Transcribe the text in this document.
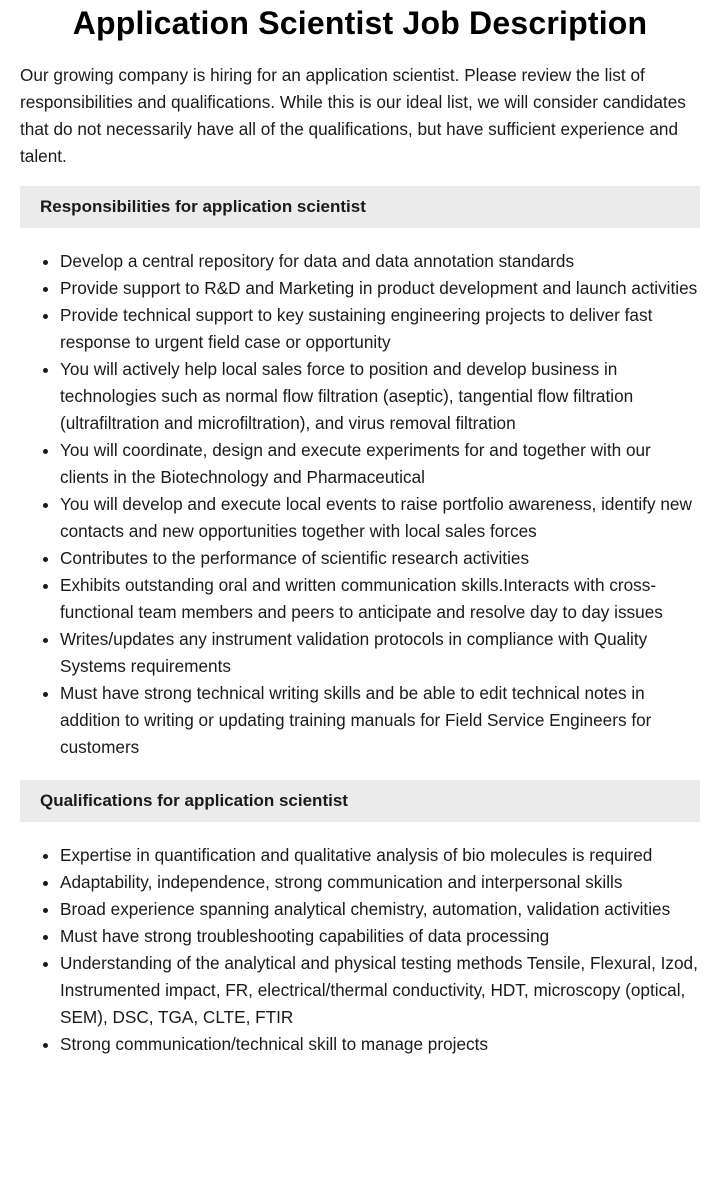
Application Scientist Job Description

Our growing company is hiring for an application scientist. Please review the list of responsibilities and qualifications. While this is our ideal list, we will consider candidates that do not necessarily have all of the qualifications, but have sufficient experience and talent.

Responsibilities for application scientist
• Develop a central repository for data and data annotation standards
• Provide support to R&D and Marketing in product development and launch activities
• Provide technical support to key sustaining engineering projects to deliver fast response to urgent field case or opportunity
• You will actively help local sales force to position and develop business in technologies such as normal flow filtration (aseptic), tangential flow filtration (ultrafiltration and microfiltration), and virus removal filtration
• You will coordinate, design and execute experiments for and together with our clients in the Biotechnology and Pharmaceutical
• You will develop and execute local events to raise portfolio awareness, identify new contacts and new opportunities together with local sales forces
• Contributes to the performance of scientific research activities
• Exhibits outstanding oral and written communication skills.Interacts with cross-functional team members and peers to anticipate and resolve day to day issues
• Writes/updates any instrument validation protocols in compliance with Quality Systems requirements
• Must have strong technical writing skills and be able to edit technical notes in addition to writing or updating training manuals for Field Service Engineers for customers
Qualifications for application scientist
• Expertise in quantification and qualitative analysis of bio molecules is required
• Adaptability, independence, strong communication and interpersonal skills
• Broad experience spanning analytical chemistry, automation, validation activities
• Must have strong troubleshooting capabilities of data processing
• Understanding of the analytical and physical testing methods Tensile, Flexural, Izod, Instrumented impact, FR, electrical/thermal conductivity, HDT, microscopy (optical, SEM), DSC, TGA, CLTE, FTIR
• Strong communication/technical skill to manage projects
